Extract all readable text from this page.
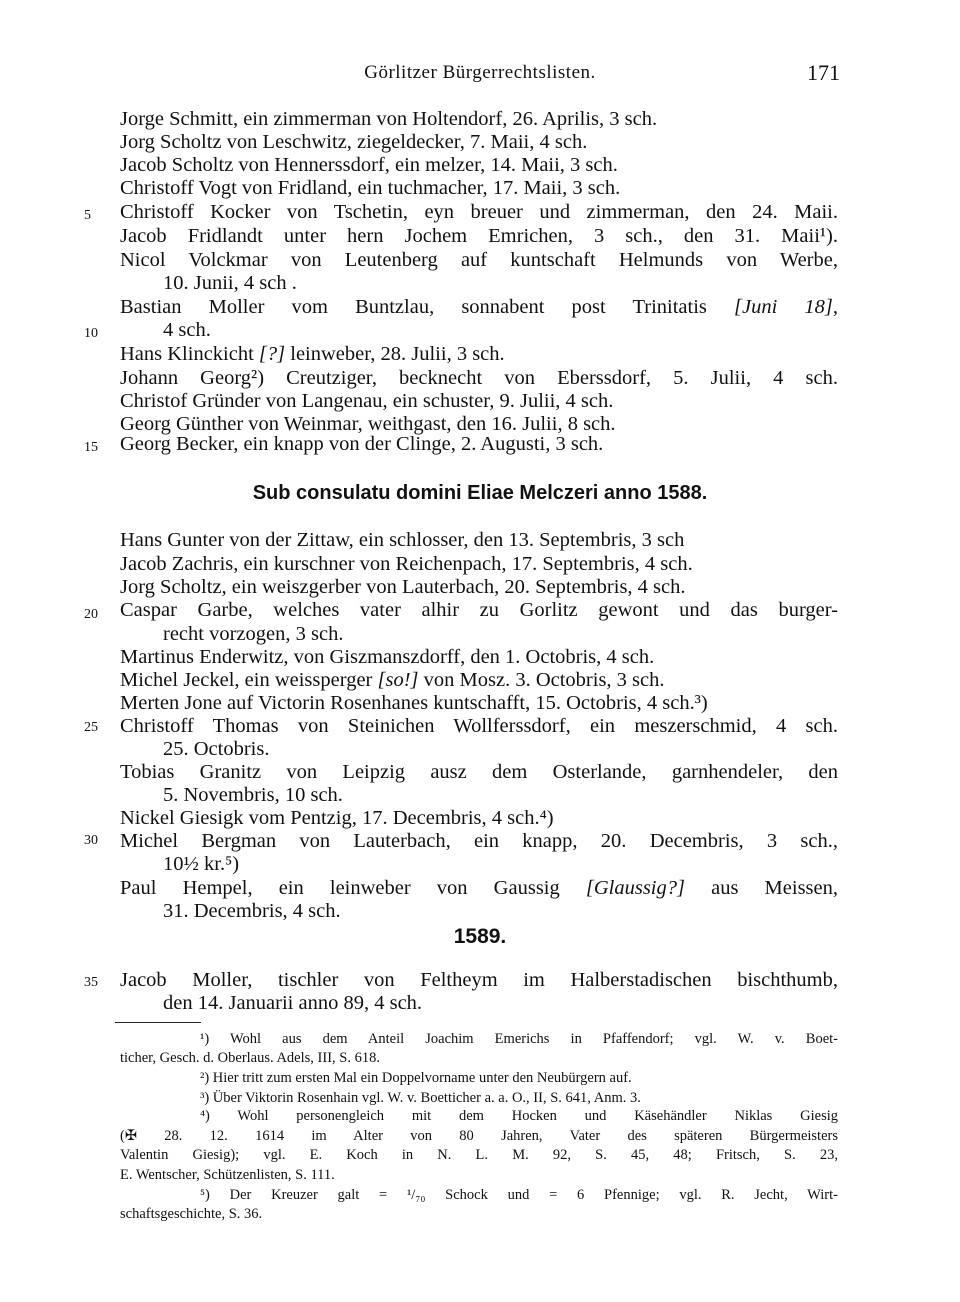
Görlitzer Bürgerrechtslisten.	171
5
10
15
20
25
30
35
Jorge Schmitt, ein zimmerman von Holtendorf, 26. Aprilis, 3 sch.
Jorg Scholtz von Leschwitz, ziegeldecker, 7. Maii, 4 sch.
Jacob Scholtz von Hennerssdorf, ein melzer, 14. Maii, 3 sch.
Christoff Vogt von Fridland, ein tuchmacher, 17. Maii, 3 sch.
Christoff Kocker von Tschetin, eyn breuer und zimmerman, den 24. Maii.
Jacob Fridlandt unter hern Jochem Emrichen, 3 sch., den 31. Maii¹).
Nicol Volckmar von Leutenberg auf kuntschaft Helmunds von Werbe,
10. Junii, 4 sch .
Bastian Moller vom Buntzlau, sonnabent post Trinitatis [Juni 18],
4 sch.
Hans Klinckicht [?] leinweber, 28. Julii, 3 sch.
Johann Georg²) Creutziger, becknecht von Eberssdorf, 5. Julii, 4 sch.
Christof Gründer von Langenau, ein schuster, 9. Julii, 4 sch.
Georg Günther von Weinmar, weithgast, den 16. Julii, 8 sch.
Georg Becker, ein knapp von der Clinge, 2. Augusti, 3 sch.
Sub consulatu domini Eliae Melczeri anno 1588.
Hans Gunter von der Zittaw, ein schlosser, den 13. Septembris, 3 sch
Jacob Zachris, ein kurschner von Reichenpach, 17. Septembris, 4 sch.
Jorg Scholtz, ein weiszgerber von Lauterbach, 20. Septembris, 4 sch.
Caspar Garbe, welches vater alhir zu Gorlitz gewont und das burger-
recht vorzogen, 3 sch.
Martinus Enderwitz, von Giszmanszdorff, den 1. Octobris, 4 sch.
Michel Jeckel, ein weissperger [so!] von Mosz. 3. Octobris, 3 sch.
Merten Jone auf Victorin Rosenhanes kuntschafft, 15. Octobris, 4 sch.³)
Christoff Thomas von Steinichen Wollferssdorf, ein meszerschmid, 4 sch.
25. Octobris.
Tobias Granitz von Leipzig ausz dem Osterlande, garnhendeler, den
5. Novembris, 10 sch.
Nickel Giesigk vom Pentzig, 17. Decembris, 4 sch.⁴)
Michel Bergman von Lauterbach, ein knapp, 20. Decembris, 3 sch.,
10½ kr.⁵)
Paul Hempel, ein leinweber von Gaussig [Glaussig?] aus Meissen,
31. Decembris, 4 sch.
1589.
Jacob Moller, tischler von Feltheym im Halberstadischen bischthumb,
den 14. Januarii anno 89, 4 sch.
¹) Wohl aus dem Anteil Joachim Emerichs in Pfaffendorf; vgl. W. v. Boet-
ticher, Gesch. d. Oberlaus. Adels, III, S. 618.
²) Hier tritt zum ersten Mal ein Doppelvorname unter den Neubürgern auf.
³) Über Viktorin Rosenhain vgl. W. v. Boetticher a. a. O., II, S. 641, Anm. 3.
⁴) Wohl personengleich mit dem Hocken und Käsehändler Niklas Giesig
(✠ 28. 12. 1614 im Alter von 80 Jahren, Vater des späteren Bürgermeisters
Valentin Giesig); vgl. E. Koch in N. L. M. 92, S. 45, 48; Fritsch, S. 23,
E. Wentscher, Schützenlisten, S. 111.
⁵) Der Kreuzer galt = ¹/₇₀ Schock und = 6 Pfennige; vgl. R. Jecht, Wirt-
schaftsgeschichte, S. 36.
